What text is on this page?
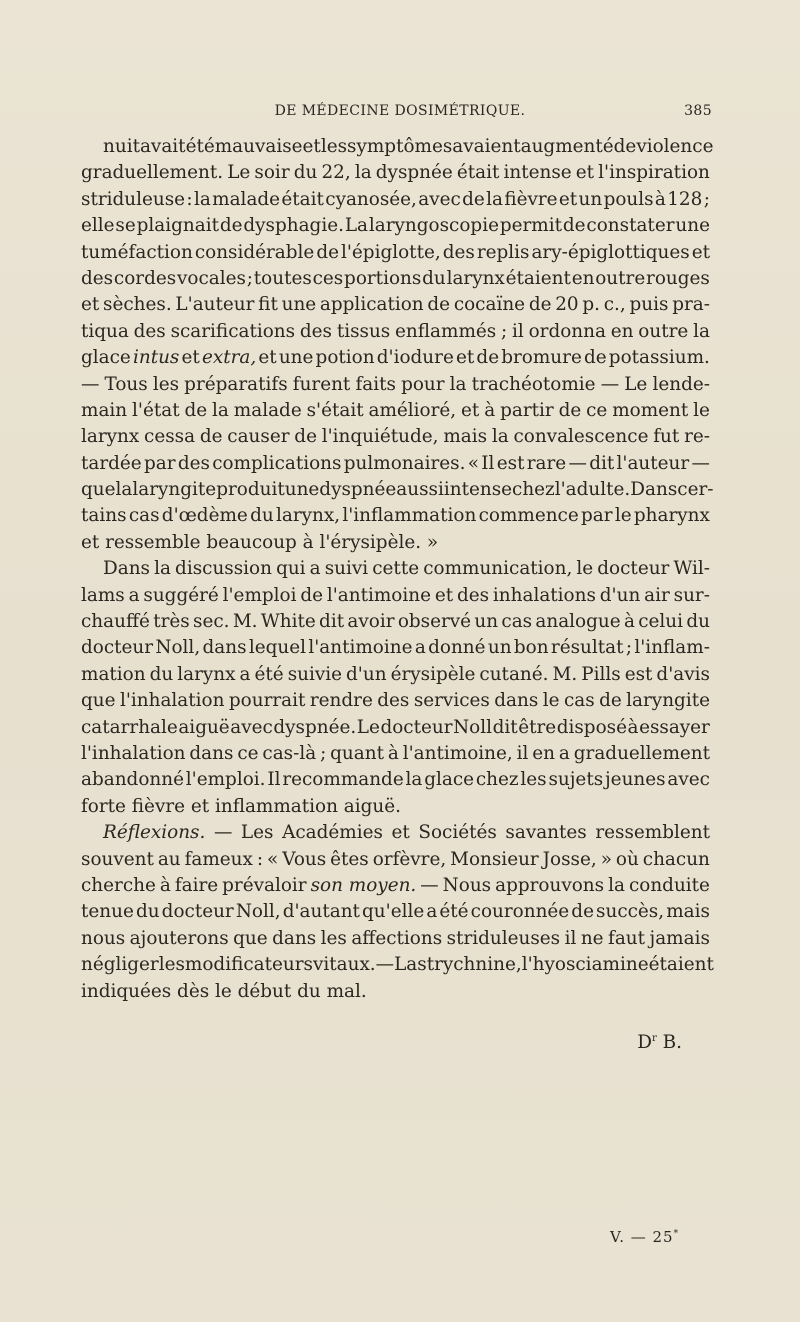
DE MÉDECINE DOSIMÉTRIQUE.	385
nuit avait été mauvaise et les symptômes avaient augmenté de violence
graduellement. Le soir du 22, la dyspnée était intense et l'inspiration
striduleuse : la malade était cyanosée, avec de la fièvre et un pouls à 128 ;
elle se plaignait de dysphagie. La laryngoscopie permit de constater une
tuméfaction considérable de l'épiglotte, des replis ary-épiglottiques et
des cordes vocales ; toutes ces portions du larynx étaient en outre rouges
et sèches. L'auteur fit une application de cocaïne de 20 p. c., puis pra-
tiqua des scarifications des tissus enflammés ; il ordonna en outre la
glace intus et extra, et une potion d'iodure et de bromure de potassium.
— Tous les préparatifs furent faits pour la trachéotomie — Le lende-
main l'état de la malade s'était amélioré, et à partir de ce moment le
larynx cessa de causer de l'inquiétude, mais la convalescence fut re-
tardée par des complications pulmonaires. « Il est rare — dit l'auteur —
que la laryngite produit une dyspnée aussi intense chez l'adulte. Dans cer-
tains cas d'œdème du larynx, l'inflammation commence par le pharynx
et ressemble beaucoup à l'érysipèle. »
Dans la discussion qui a suivi cette communication, le docteur Wil-
lams a suggéré l'emploi de l'antimoine et des inhalations d'un air sur-
chauffé très sec. M. White dit avoir observé un cas analogue à celui du
docteur Noll, dans lequel l'antimoine a donné un bon résultat ; l'inflam-
mation du larynx a été suivie d'un érysipèle cutané. M. Pills est d'avis
que l'inhalation pourrait rendre des services dans le cas de laryngite
catarrhale aiguë avec dyspnée. Le docteur Noll dit être disposé à essayer
l'inhalation dans ce cas-là ; quant à l'antimoine, il en a graduellement
abandonné l'emploi. Il recommande la glace chez les sujets jeunes avec
forte fièvre et inflammation aiguë.
Réflexions. — Les Académies et Sociétés savantes ressemblent
souvent au fameux : « Vous êtes orfèvre, Monsieur Josse, » où chacun
cherche à faire prévaloir son moyen. — Nous approuvons la conduite
tenue du docteur Noll, d'autant qu'elle a été couronnée de succès, mais
nous ajouterons que dans les affections striduleuses il ne faut jamais
négliger les modificateurs vitaux. — La strychnine, l'hyosciamine étaient
indiquées dès le début du mal.
$D^r$ B.
V. — 25*
